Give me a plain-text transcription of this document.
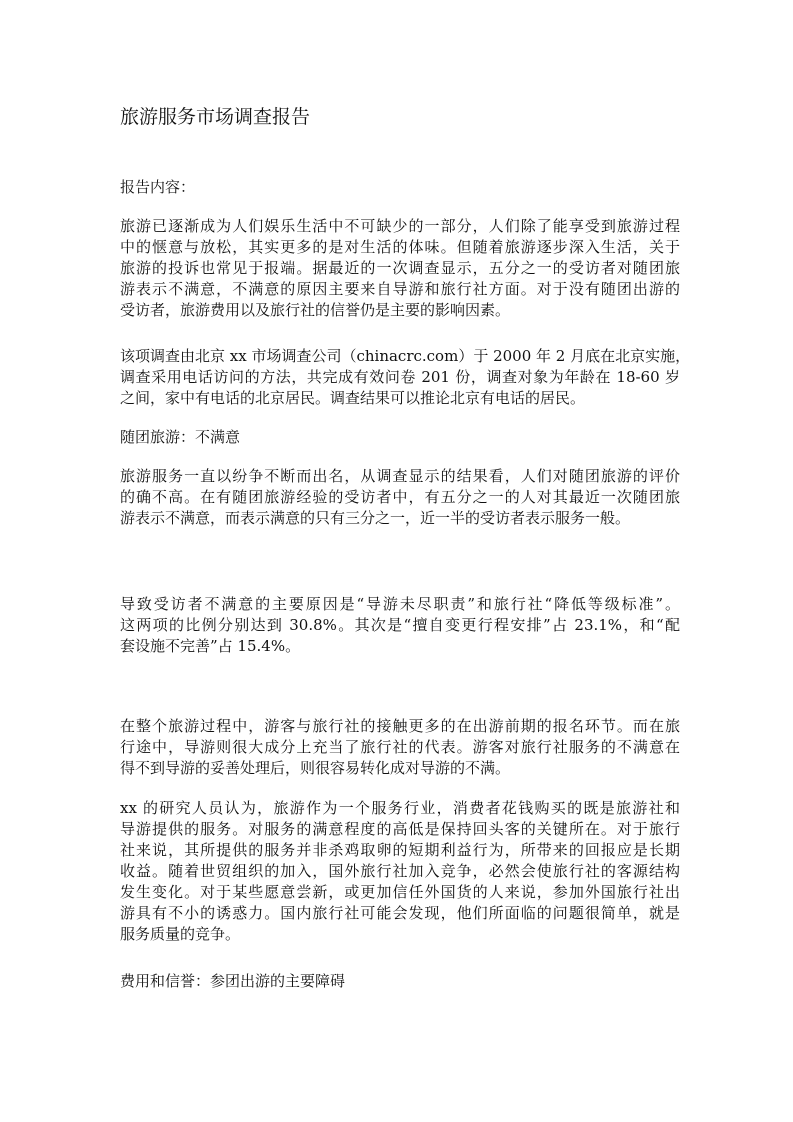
旅游服务市场调查报告
报告内容：
旅游已逐渐成为人们娱乐生活中不可缺少的一部分，人们除了能享受到旅游过程
中的惬意与放松，其实更多的是对生活的体味。但随着旅游逐步深入生活，关于
旅游的投诉也常见于报端。据最近的一次调查显示，五分之一的受访者对随团旅
游表示不满意，不满意的原因主要来自导游和旅行社方面。对于没有随团出游的
受访者，旅游费用以及旅行社的信誉仍是主要的影响因素。
该项调查由北京 xx 市场调查公司（chinacrc.com）于 2000 年 2 月底在北京实施，
调查采用电话访问的方法，共完成有效问卷 201 份，调查对象为年龄在 18-60 岁
之间，家中有电话的北京居民。调查结果可以推论北京有电话的居民。
随团旅游：不满意
旅游服务一直以纷争不断而出名，从调查显示的结果看，人们对随团旅游的评价
的确不高。在有随团旅游经验的受访者中，有五分之一的人对其最近一次随团旅
游表示不满意，而表示满意的只有三分之一，近一半的受访者表示服务一般。
导致受访者不满意的主要原因是“导游未尽职责”和旅行社“降低等级标准”。
这两项的比例分别达到 30.8%。其次是“擅自变更行程安排”占 23.1%，和“配
套设施不完善”占 15.4%。
在整个旅游过程中，游客与旅行社的接触更多的在出游前期的报名环节。而在旅
行途中，导游则很大成分上充当了旅行社的代表。游客对旅行社服务的不满意在
得不到导游的妥善处理后，则很容易转化成对导游的不满。
xx 的研究人员认为，旅游作为一个服务行业，消费者花钱购买的既是旅游社和
导游提供的服务。对服务的满意程度的高低是保持回头客的关键所在。对于旅行
社来说，其所提供的服务并非杀鸡取卵的短期利益行为，所带来的回报应是长期
收益。随着世贸组织的加入，国外旅行社加入竞争，必然会使旅行社的客源结构
发生变化。对于某些愿意尝新，或更加信任外国货的人来说，参加外国旅行社出
游具有不小的诱惑力。国内旅行社可能会发现，他们所面临的问题很简单，就是
服务质量的竞争。
费用和信誉：参团出游的主要障碍
